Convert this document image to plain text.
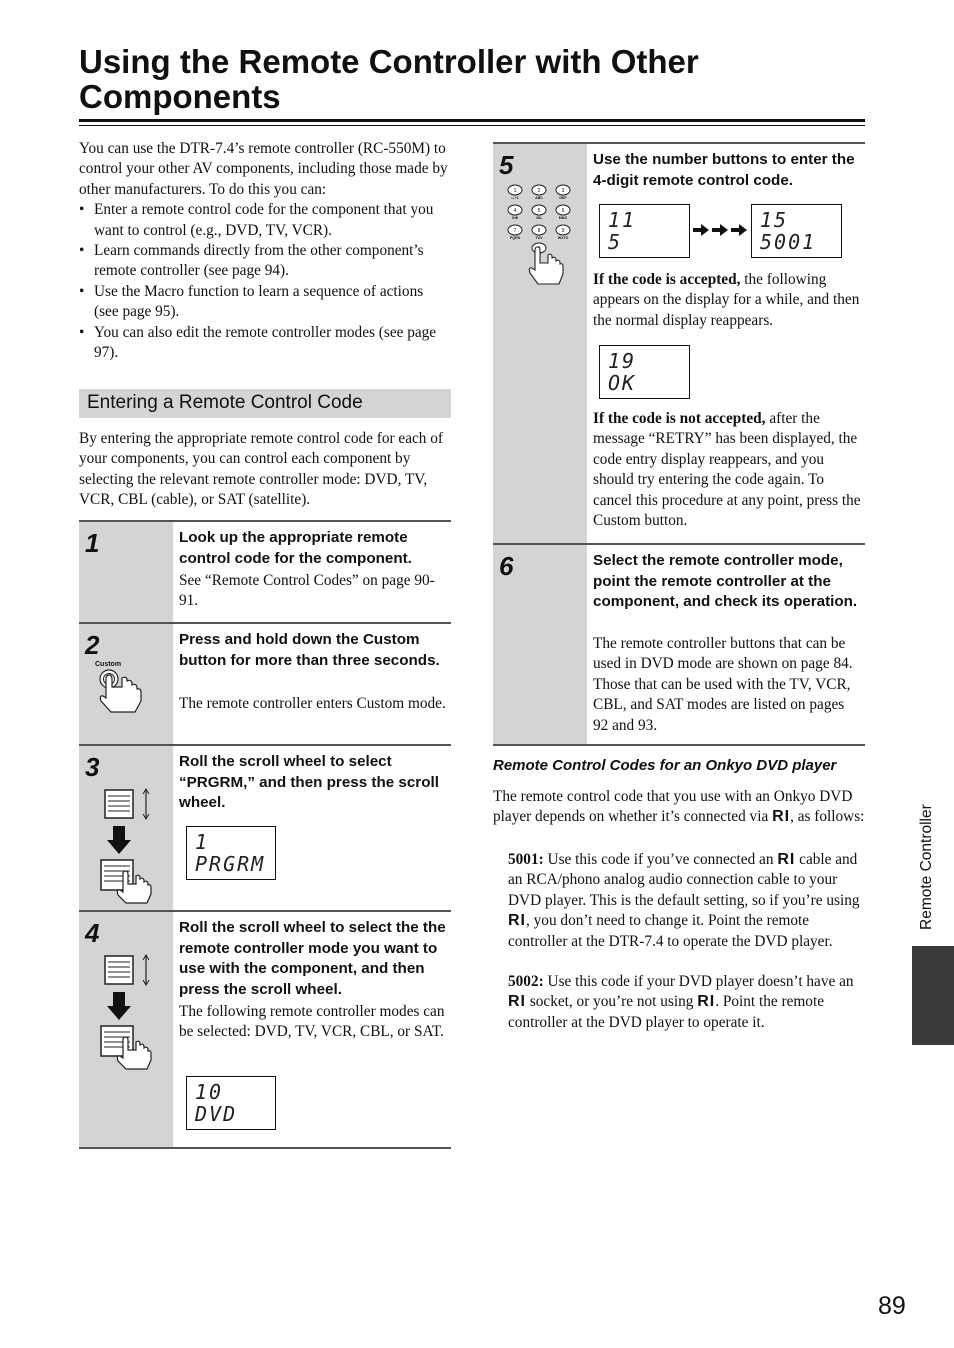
Using the Remote Controller with Other Components
You can use the DTR-7.4’s remote controller (RC-550M) to control your other AV components, including those made by other manufacturers. To do this you can:
• Enter a remote control code for the component that you want to control (e.g., DVD, TV, VCR).
• Learn commands directly from the other component’s remote controller (see page 94).
• Use the Macro function to learn a sequence of actions (see page 95).
• You can also edit the remote controller modes (see page 97).
Entering a Remote Control Code
By entering the appropriate remote control code for each of your components, you can control each component by selecting the relevant remote controller mode: DVD, TV, VCR, CBL (cable), or SAT (satellite).
1	Look up the appropriate remote control code for the component.
See “Remote Control Codes” on page 90-91.
2
Custom
Press and hold down the Custom button for more than three seconds.
The remote controller enters Custom mode.
3	Roll the scroll wheel to select “PRGRM,” and then press the scroll wheel.
1
PRGRM
4	Roll the scroll wheel to select the the remote controller mode you want to use with the component, and then press the scroll wheel.
The following remote controller modes can be selected: DVD, TV, VCR, CBL, or SAT.
10
DVD
5
1	2	3
4	5	6
7	8	9
•,-+1	ABC	DEF
GHI	JKL	MNO
PQRS	TUV	WXYZ
Use the number buttons to enter the 4-digit remote control code.
11
5
15
5001
If the code is accepted, the following appears on the display for a while, and then the normal display reappears.
19
OK
If the code is not accepted, after the message “RETRY” has been displayed, the code entry display reappears, and you should try entering the code again. To cancel this procedure at any point, press the Custom button.
6	Select the remote controller mode, point the remote controller at the component, and check its operation.
The remote controller buttons that can be used in DVD mode are shown on page 84. Those that can be used with the TV, VCR, CBL, and SAT modes are listed on pages 92 and 93.
Remote Control Codes for an Onkyo DVD player
The remote control code that you use with an Onkyo DVD player depends on whether it’s connected via RI, as follows:
5001: Use this code if you’ve connected an RI cable and an RCA/phono analog audio connection cable to your DVD player. This is the default setting, so if you’re using RI, you don’t need to change it. Point the remote controller at the DTR-7.4 to operate the DVD player.
5002: Use this code if your DVD player doesn’t have an RI socket, or you’re not using RI. Point the remote controller at the DVD player to operate it.
Remote Controller
89
